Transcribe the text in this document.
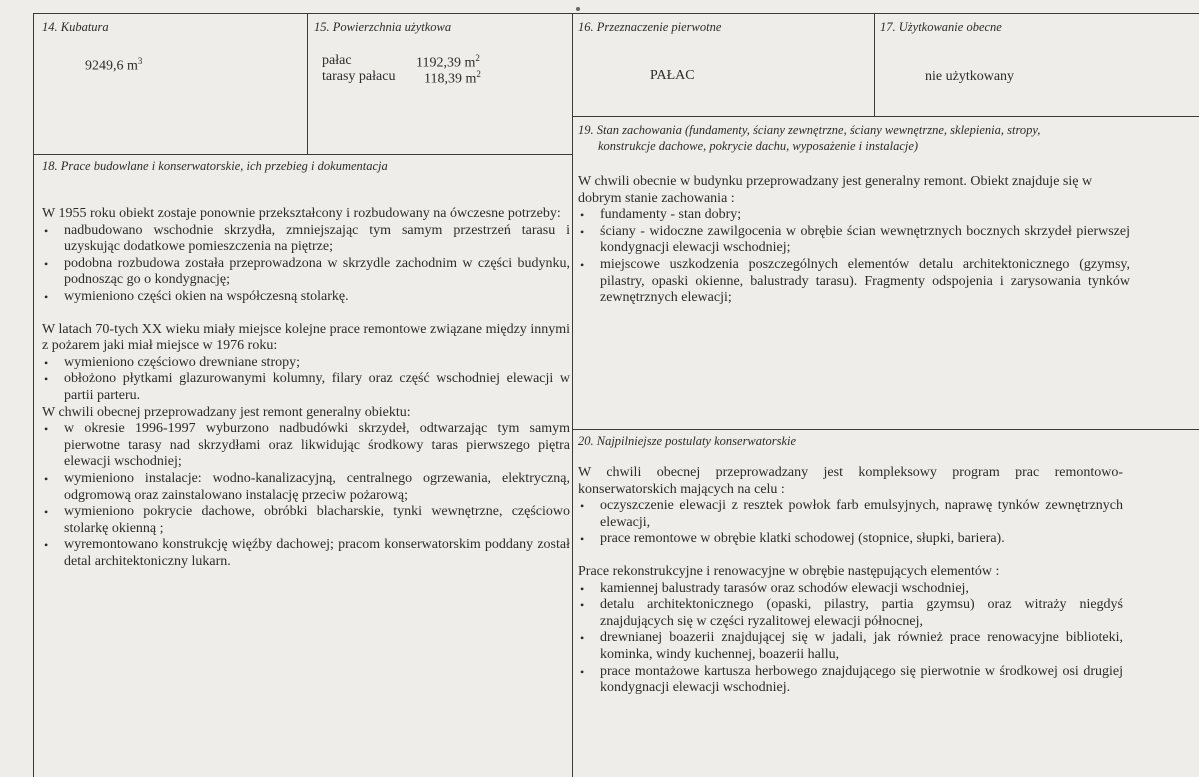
14. Kubatura
9249,6 $m^3$
15. Powierzchnia użytkowa
pałac	1192,39 $m^2$
tarasy pałacu 118,39 $m^2$
16. Przeznaczenie pierwotne
PAŁAC
17. Użytkowanie obecne
nie użytkowany
18. Prace budowlane i konserwatorskie, ich przebieg i dokumentacja
W 1955 roku obiekt zostaje ponownie przekształcony i rozbudowany na ówczesne potrzeby:
• nadbudowano wschodnie skrzydła, zmniejszając tym samym przestrzeń tarasu i uzyskując dodatkowe pomieszczenia na piętrze;
• podobna rozbudowa została przeprowadzona w skrzydle zachodnim w części budynku, podnosząc go o kondygnację;
• wymieniono części okien na współczesną stolarkę.
W latach 70-tych XX wieku miały miejsce kolejne prace remontowe związane między innymi z pożarem jaki miał miejsce w 1976 roku:
• wymieniono częściowo drewniane stropy;
• obłożono płytkami glazurowanymi kolumny, filary oraz część wschodniej elewacji w partii parteru.
W chwili obecnej przeprowadzany jest remont generalny obiektu:
• w okresie 1996-1997 wyburzono nadbudówki skrzydeł, odtwarzając tym samym pierwotne tarasy nad skrzydłami oraz likwidując środkowy taras pierwszego piętra elewacji wschodniej;
• wymieniono instalacje: wodno-kanalizacyjną, centralnego ogrzewania, elektryczną, odgromową oraz zainstalowano instalację przeciw pożarową;
• wymieniono pokrycie dachowe, obróbki blacharskie, tynki wewnętrzne, częściowo stolarkę okienną ;
• wyremontowano konstrukcję więźby dachowej; pracom konserwatorskim poddany został detal architektoniczny lukarn.
19. Stan zachowania (fundamenty, ściany zewnętrzne, ściany wewnętrzne, sklepienia, stropy,
konstrukcje dachowe, pokrycie dachu, wyposażenie i instalacje)
W chwili obecnie w budynku przeprowadzany jest generalny remont. Obiekt znajduje się w dobrym stanie zachowania :
• fundamenty - stan dobry;
• ściany - widoczne zawilgocenia w obrębie ścian wewnętrznych bocznych skrzydeł pierwszej kondygnacji elewacji wschodniej;
• miejscowe uszkodzenia poszczególnych elementów detalu architektonicznego (gzymsy, pilastry, opaski okienne, balustrady tarasu). Fragmenty odspojenia i zarysowania tynków zewnętrznych elewacji;
20. Najpilniejsze postulaty konserwatorskie
W chwili obecnej przeprowadzany jest kompleksowy program prac remontowo-konserwatorskich mających na celu :
• oczyszczenie elewacji z resztek powłok farb emulsyjnych, naprawę tynków zewnętrznych elewacji,
• prace remontowe w obrębie klatki schodowej (stopnice, słupki, bariera).
Prace rekonstrukcyjne i renowacyjne w obrębie następujących elementów :
• kamiennej balustrady tarasów oraz schodów elewacji wschodniej,
• detalu architektonicznego (opaski, pilastry, partia gzymsu) oraz witraży niegdyś znajdujących się w części ryzalitowej elewacji północnej,
• drewnianej boazerii znajdującej się w jadali, jak również prace renowacyjne biblioteki, kominka, windy kuchennej, boazerii hallu,
• prace montażowe kartusza herbowego znajdującego się pierwotnie w środkowej osi drugiej kondygnacji elewacji wschodniej.
